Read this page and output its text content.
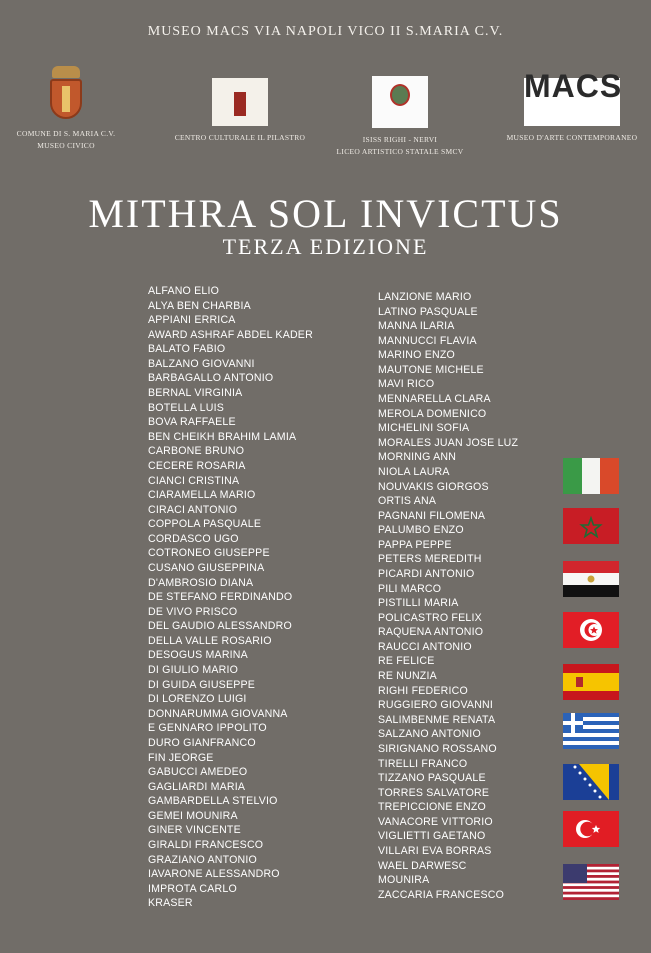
MUSEO MACS VIA NAPOLI VICO II S.MARIA C.V.
COMUNE DI S. MARIA C.V.
MUSEO CIVICO
CENTRO CULTURALE IL PILASTRO	ISISS RIGHI - NERVI
LICEO ARTISTICO STATALE SMCV
MACS
MUSEO D'ARTE CONTEMPORANEO
MITHRA SOL INVICTUS
TERZA EDIZIONE
ALFANO ELIO
ALYA BEN CHARBIA
APPIANI ERRICA
AWARD ASHRAF ABDEL KADER
BALATO FABIO
BALZANO GIOVANNI
BARBAGALLO ANTONIO
BERNAL VIRGINIA
BOTELLA LUIS
BOVA RAFFAELE
BEN CHEIKH BRAHIM LAMIA
CARBONE BRUNO
CECERE ROSARIA
CIANCI CRISTINA
CIARAMELLA MARIO
CIRACI ANTONIO
COPPOLA PASQUALE
CORDASCO UGO
COTRONEO GIUSEPPE
CUSANO GIUSEPPINA
D'AMBROSIO DIANA
DE STEFANO FERDINANDO
DE VIVO PRISCO
DEL GAUDIO ALESSANDRO
DELLA VALLE ROSARIO
DESOGUS MARINA
DI GIULIO MARIO
DI GUIDA GIUSEPPE
DI LORENZO LUIGI
DONNARUMMA GIOVANNA
E GENNARO IPPOLITO
DURO GIANFRANCO
FIN JEORGE
GABUCCI AMEDEO
GAGLIARDI MARIA
GAMBARDELLA STELVIO
GEMEI MOUNIRA
GINER VINCENTE
GIRALDI FRANCESCO
GRAZIANO ANTONIO
IAVARONE ALESSANDRO
IMPROTA CARLO
KRASER
LANZIONE MARIO
LATINO PASQUALE
MANNA ILARIA
MANNUCCI FLAVIA
MARINO ENZO
MAUTONE MICHELE
MAVI RICO
MENNARELLA CLARA
MEROLA DOMENICO
MICHELINI SOFIA
MORALES JUAN JOSE LUZ
MORNING ANN
NIOLA LAURA
NOUVAKIS GIORGOS
ORTIS ANA
PAGNANI FILOMENA
PALUMBO ENZO
PAPPA PEPPE
PETERS MEREDITH
PICARDI ANTONIO
PILI MARCO
PISTILLI MARIA
POLICASTRO FELIX
RAQUENA ANTONIO
RAUCCI ANTONIO
RE FELICE
RE NUNZIA
RIGHI FEDERICO
RUGGIERO GIOVANNI
SALIMBENME RENATA
SALZANO ANTONIO
SIRIGNANO ROSSANO
TIRELLI FRANCO
TIZZANO PASQUALE
TORRES SALVATORE
TREPICCIONE ENZO
VANACORE VITTORIO
VIGLIETTI GAETANO
VILLARI EVA BORRAS
WAEL DARWESC
MOUNIRA
ZACCARIA FRANCESCO
